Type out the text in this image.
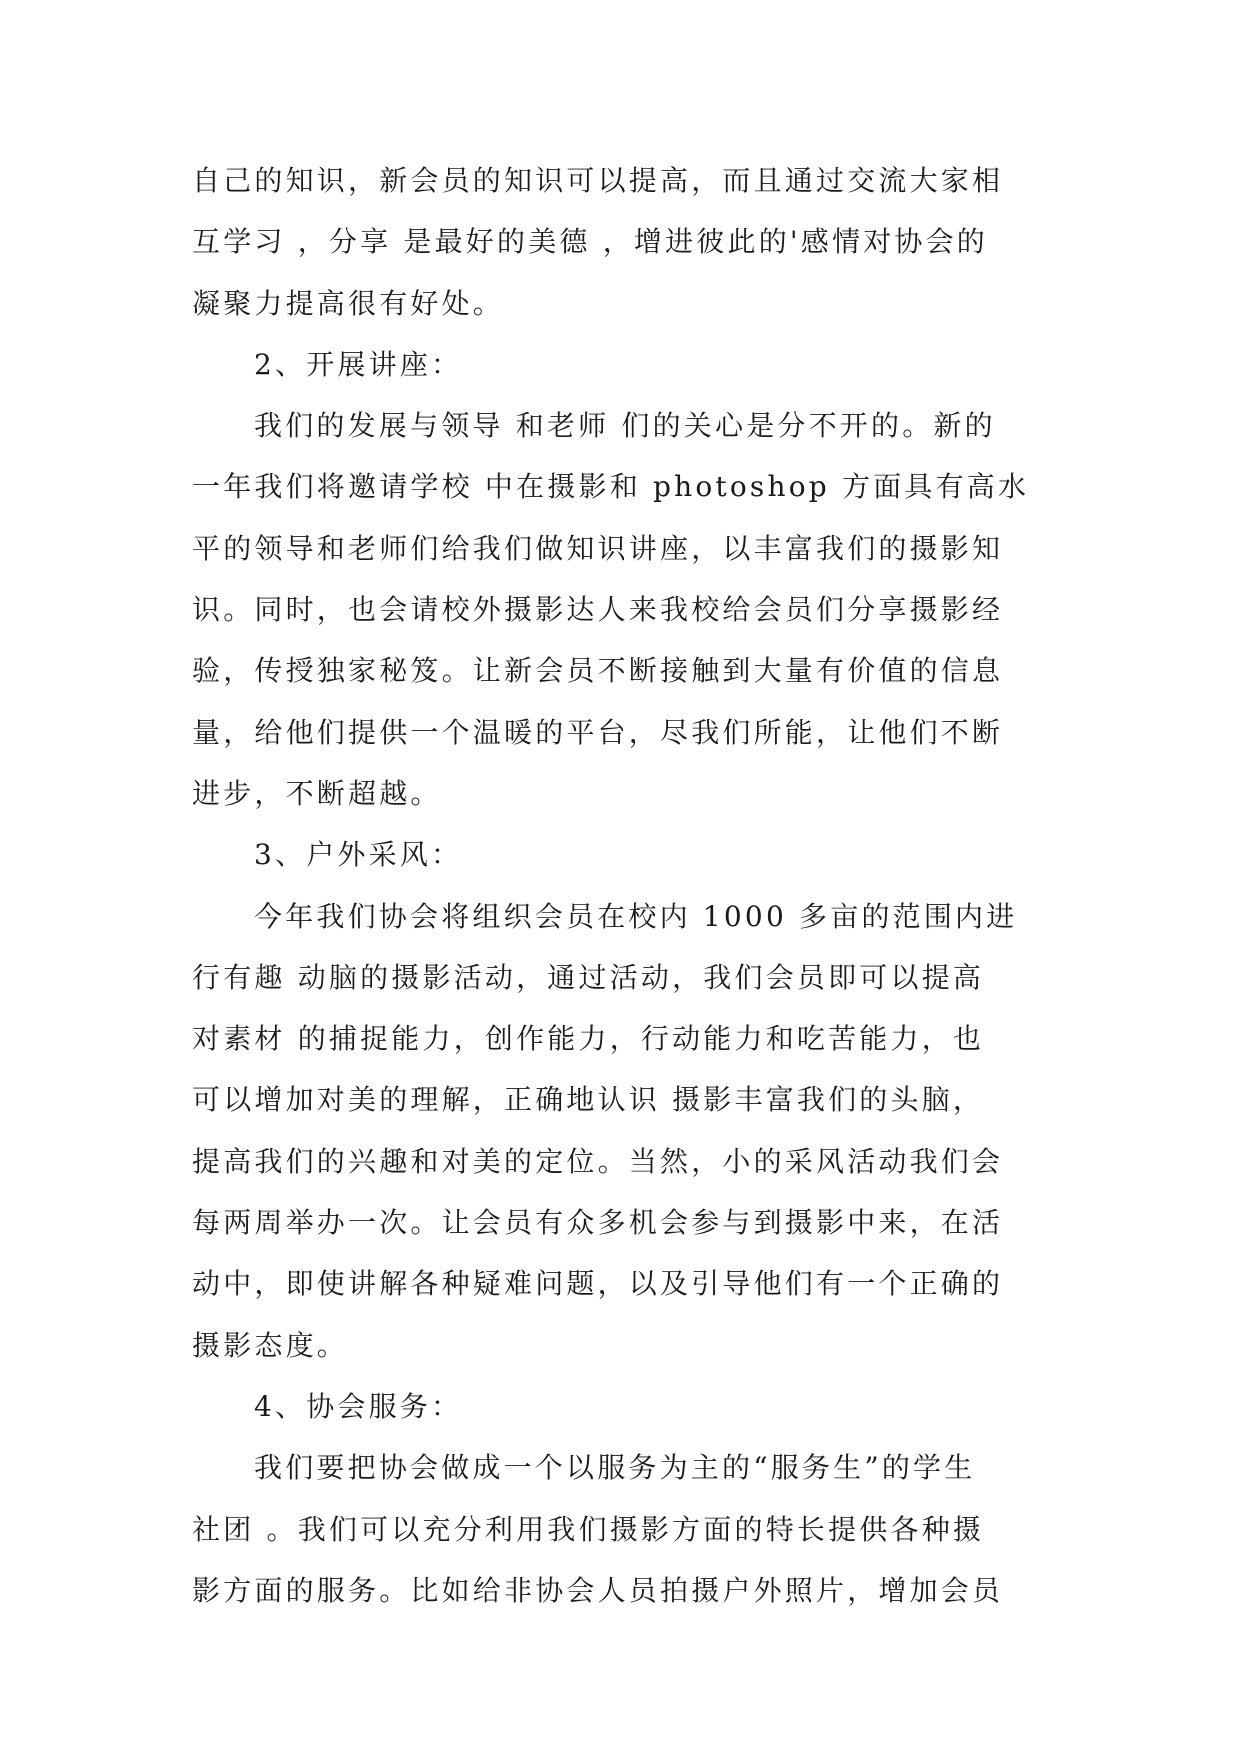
自己的知识，新会员的知识可以提高，而且通过交流大家相
互学习 ，分享 是最好的美德 ，增进彼此的'感情对协会的
凝聚力提高很有好处。
2、开展讲座：
我们的发展与领导 和老师 们的关心是分不开的。新的
一年我们将邀请学校 中在摄影和 photoshop 方面具有高水
平的领导和老师们给我们做知识讲座，以丰富我们的摄影知
识。同时，也会请校外摄影达人来我校给会员们分享摄影经
验，传授独家秘笈。让新会员不断接触到大量有价值的信息
量，给他们提供一个温暖的平台，尽我们所能，让他们不断
进步，不断超越。
3、户外采风：
今年我们协会将组织会员在校内 1000 多亩的范围内进
行有趣 动脑的摄影活动，通过活动，我们会员即可以提高
对素材 的捕捉能力，创作能力，行动能力和吃苦能力，也
可以增加对美的理解，正确地认识 摄影丰富我们的头脑，
提高我们的兴趣和对美的定位。当然，小的采风活动我们会
每两周举办一次。让会员有众多机会参与到摄影中来，在活
动中，即使讲解各种疑难问题，以及引导他们有一个正确的
摄影态度。
4、协会服务：
我们要把协会做成一个以服务为主的“服务生”的学生
社团 。我们可以充分利用我们摄影方面的特长提供各种摄
影方面的服务。比如给非协会人员拍摄户外照片，增加会员
